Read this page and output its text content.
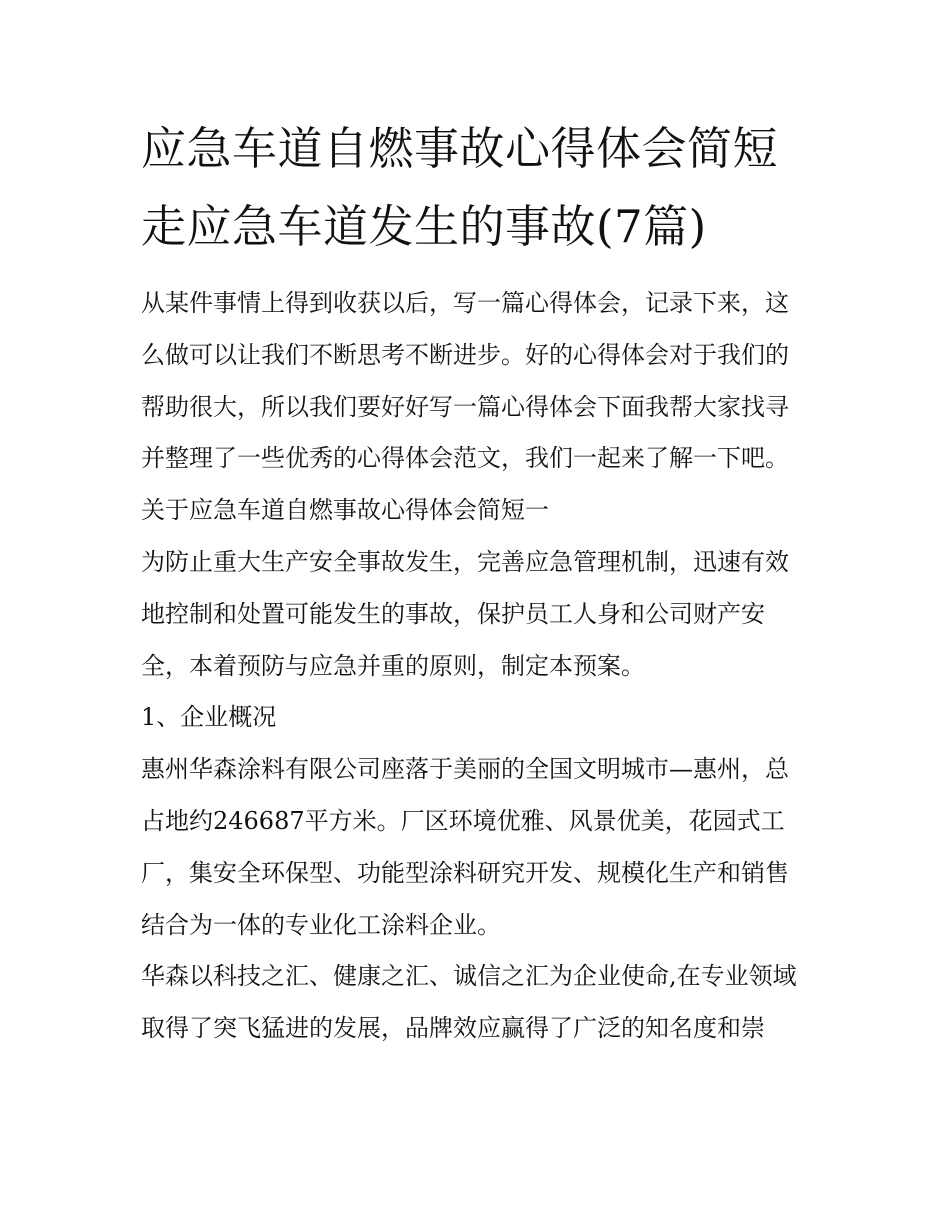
应急车道自燃事故心得体会简短 走应急车道发生的事故(7篇)

从某件事情上得到收获以后，写一篇心得体会，记录下来，这么做可以让我们不断思考不断进步。好的心得体会对于我们的帮助很大，所以我们要好好写一篇心得体会下面我帮大家找寻并整理了一些优秀的心得体会范文，我们一起来了解一下吧。

关于应急车道自燃事故心得体会简短一

为防止重大生产安全事故发生，完善应急管理机制，迅速有效地控制和处置可能发生的事故，保护员工人身和公司财产安全，本着预防与应急并重的原则，制定本预案。

1、企业概况

惠州华森涂料有限公司座落于美丽的全国文明城市—惠州，总占地约246687平方米。厂区环境优雅、风景优美，花园式工厂，集安全环保型、功能型涂料研究开发、规模化生产和销售结合为一体的专业化工涂料企业。

华森以科技之汇、健康之汇、诚信之汇为企业使命,在专业领域取得了突飞猛进的发展，品牌效应赢得了广泛的知名度和崇
